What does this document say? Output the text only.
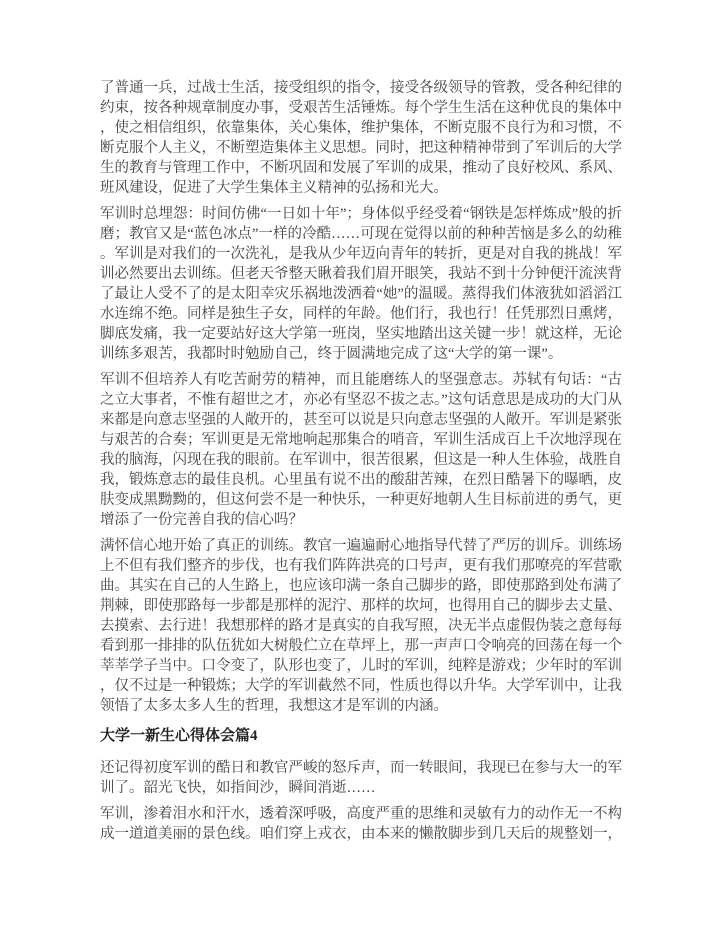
了普通一兵，过战士生活，接受组织的指令，接受各级领导的管教，受各种纪律的约束，按各种规章制度办事，受艰苦生活锤炼。每个学生生活在这种优良的集体中，使之相信组织，依靠集体，关心集体，维护集体，不断克服不良行为和习惯，不断克服个人主义，不断塑造集体主义思想。同时，把这种精神带到了军训后的大学生的教育与管理工作中，不断巩固和发展了军训的成果，推动了良好校风、系风、班风建设，促进了大学生集体主义精神的弘扬和光大。

军训时总埋怨：时间仿佛“一日如十年”；身体似乎经受着“钢铁是怎样炼成”般的折磨；教官又是“蓝色冰点”一样的冷酷……可现在觉得以前的种种苦恼是多么的幼稚。军训是对我们的一次洗礼，是我从少年迈向青年的转折，更是对自我的挑战！军训必然要出去训练。但老天爷整天瞅着我们眉开眼笑，我站不到十分钟便汗流浃背了最让人受不了的是太阳幸灾乐祸地泼洒着“她”的温暖。蒸得我们体液犹如滔滔江水连绵不绝。同样是独生子女，同样的年龄。他们行，我也行！任凭那烈日熏烤，脚底发痛，我一定要站好这大学第一班岗，坚实地踏出这关键一步！就这样，无论训练多艰苦，我都时时勉励自己，终于圆满地完成了这“大学的第一课”。

军训不但培养人有吃苦耐劳的精神，而且能磨练人的坚强意志。苏轼有句话：“古之立大事者，不惟有超世之才，亦必有坚忍不拔之志。”这句话意思是成功的大门从来都是向意志坚强的人敞开的，甚至可以说是只向意志坚强的人敞开。军训是紧张与艰苦的合奏；军训更是无常地响起那集合的哨音，军训生活成百上千次地浮现在我的脑海，闪现在我的眼前。在军训中，很苦很累，但这是一种人生体验，战胜自我，锻炼意志的最佳良机。心里虽有说不出的酸甜苦辣，在烈日酷暑下的曝晒，皮肤变成黑黝黝的，但这何尝不是一种快乐，一种更好地朝人生目标前进的勇气，更增添了一份完善自我的信心吗？

满怀信心地开始了真正的训练。教官一遍遍耐心地指导代替了严厉的训斥。训练场上不但有我们整齐的步伐，也有我们阵阵洪亮的口号声，更有我们那嘹亮的军营歌曲。其实在自己的人生路上，也应该印满一条自己脚步的路，即使那路到处布满了荆棘，即使那路每一步都是那样的泥泞、那样的坎坷，也得用自己的脚步去丈量、去摸索、去行进！我想那样的路才是真实的自我写照，决无半点虚假伪装之意每每看到那一排排的队伍犹如大树般伫立在草坪上，那一声声口令响亮的回荡在每一个莘莘学子当中。口令变了，队形也变了，儿时的军训，纯粹是游戏；少年时的军训，仅不过是一种锻炼；大学的军训截然不同，性质也得以升华。大学军训中，让我领悟了太多太多人生的哲理，我想这才是军训的内涵。

大学一新生心得体会篇4

还记得初度军训的酷日和教官严峻的怒斥声，而一转眼间，我现已在参与大一的军训了。韶光飞快，如指间沙，瞬间消逝……

军训，渗着泪水和汗水，透着深呼吸，高度严重的思维和灵敏有力的动作无一不构成一道道美丽的景色线。咱们穿上戎衣，由本来的懒散脚步到几天后的规整划一，
